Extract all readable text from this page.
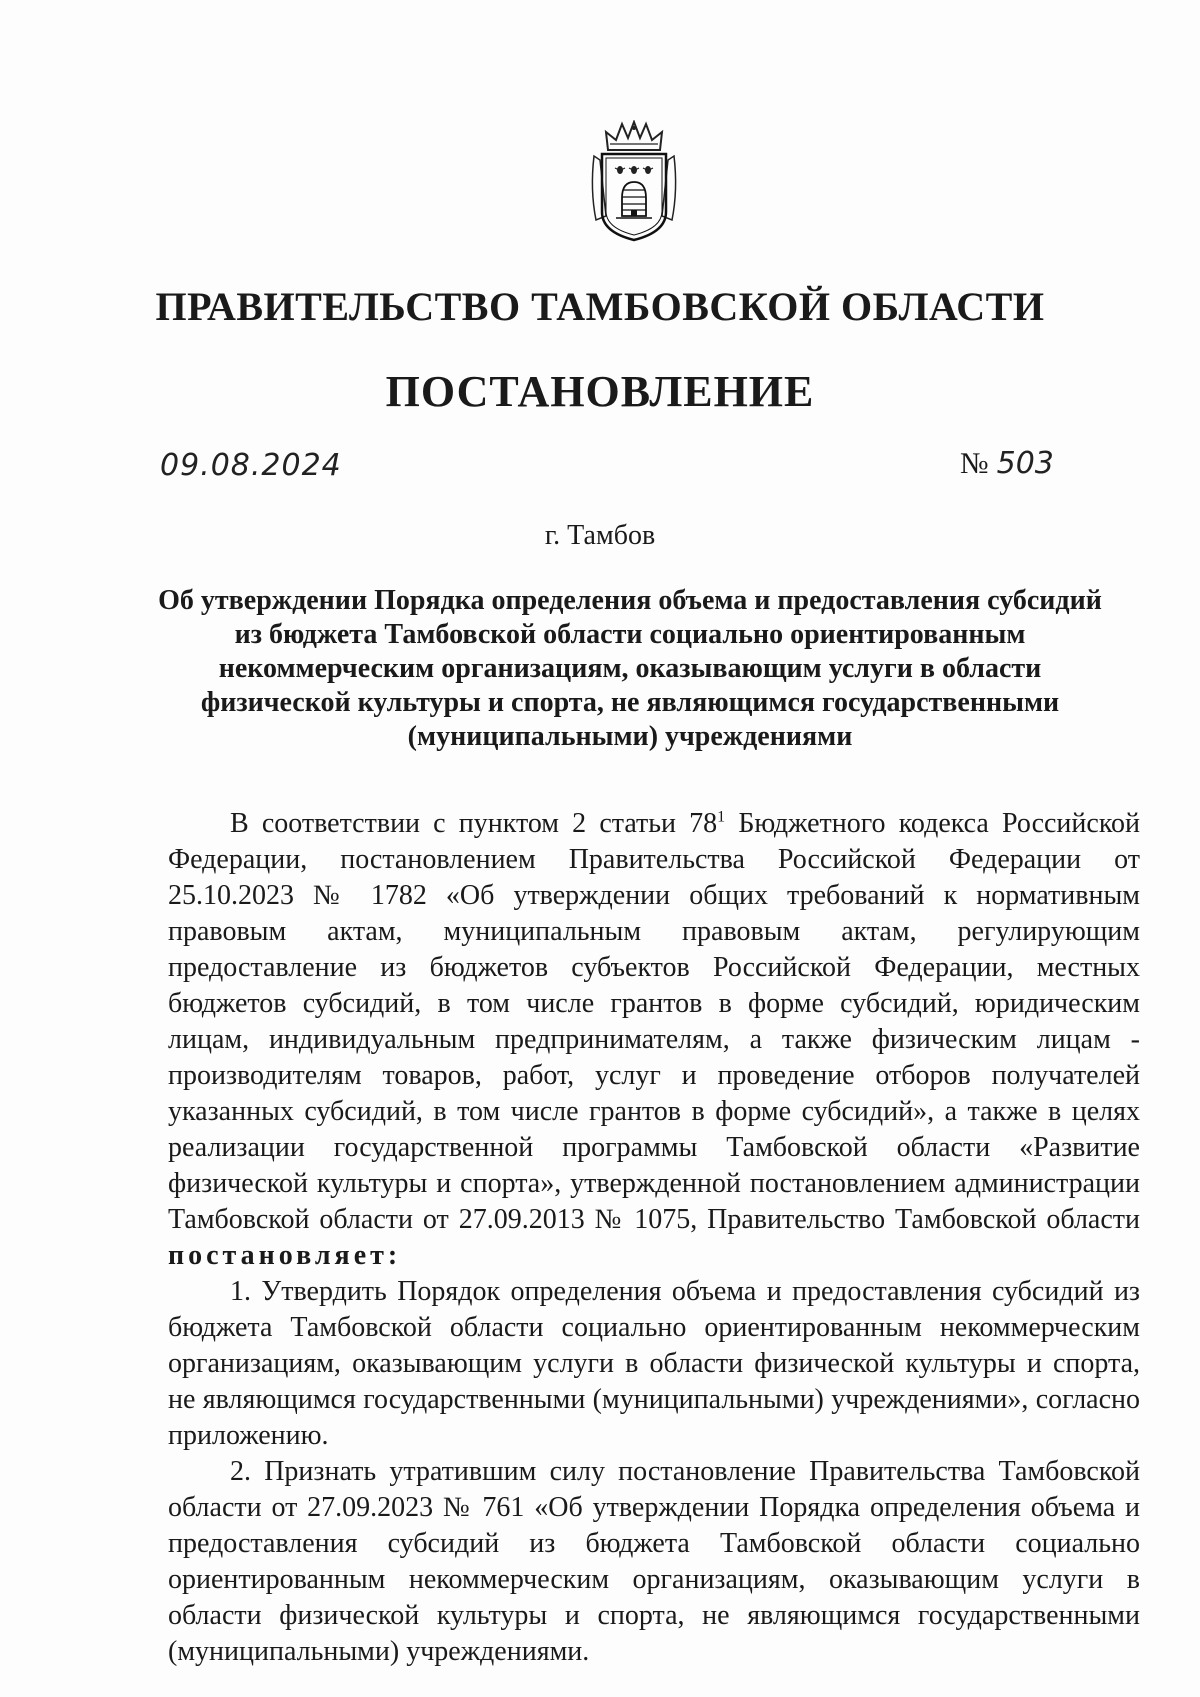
ПРАВИТЕЛЬСТВО ТАМБОВСКОЙ ОБЛАСТИ
ПОСТАНОВЛЕНИЕ
09.08.2024	№ 503
г. Тамбов

Об утверждении Порядка определения объема и предоставления субсидий из бюджета Тамбовской области социально ориентированным некоммерческим организациям, оказывающим услуги в области физической культуры и спорта, не являющимся государственными (муниципальными) учреждениями

В соответствии с пунктом 2 статьи $78^1$ Бюджетного кодекса Российской Федерации, постановлением Правительства Российской Федерации от 25.10.2023 № 1782 «Об утверждении общих требований к нормативным правовым актам, муниципальным правовым актам, регулирующим предоставление из бюджетов субъектов Российской Федерации, местных бюджетов субсидий, в том числе грантов в форме субсидий, юридическим лицам, индивидуальным предпринимателям, а также физическим лицам - производителям товаров, работ, услуг и проведение отборов получателей указанных субсидий, в том числе грантов в форме субсидий», а также в целях реализации государственной программы Тамбовской области «Развитие физической культуры и спорта», утвержденной постановлением администрации Тамбовской области от 27.09.2013 № 1075, Правительство Тамбовской области постановляет:

1. Утвердить Порядок определения объема и предоставления субсидий из бюджета Тамбовской области социально ориентированным некоммерческим организациям, оказывающим услуги в области физической культуры и спорта, не являющимся государственными (муниципальными) учреждениями», согласно приложению.

2. Признать утратившим силу постановление Правительства Тамбовской области от 27.09.2023 № 761 «Об утверждении Порядка определения объема и предоставления субсидий из бюджета Тамбовской области социально ориентированным некоммерческим организациям, оказывающим услуги в области физической культуры и спорта, не являющимся государственными (муниципальными) учреждениями.
